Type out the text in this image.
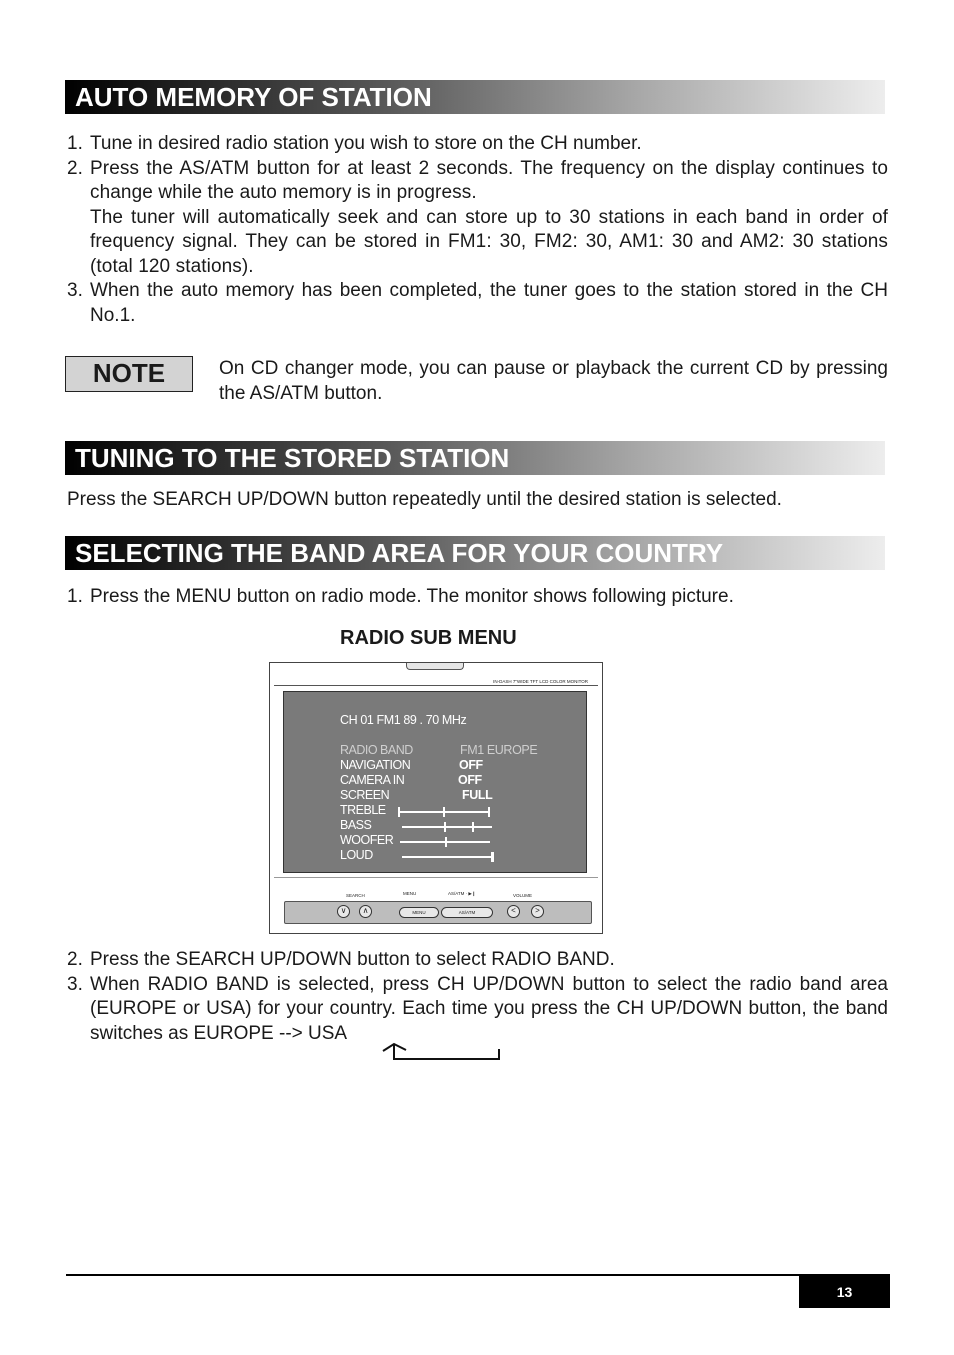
AUTO MEMORY OF STATION
1. Tune in desired radio station you wish to store on the CH number.
2. Press the AS/ATM button for at least 2 seconds. The frequency on the display continues to change while the auto memory is in progress.
The tuner will automatically seek and can store up to 30 stations in each band in order of frequency signal. They can be stored in FM1: 30, FM2: 30, AM1: 30 and AM2: 30 stations (total 120 stations).
3. When the auto memory has been completed, the tuner goes to the station stored in the CH No.1.
NOTE	On CD changer mode, you can pause or playback the current CD by pressing the AS/ATM button.
TUNING TO THE STORED STATION

Press the SEARCH UP/DOWN button repeatedly until the desired station is selected.

SELECTING THE BAND AREA FOR YOUR COUNTRY
1. Press the MENU button on radio mode. The monitor shows following picture.
RADIO SUB MENU
IN-DASH 7"WIDE TFT LCD COLOR MONITOR
CH 01 FM1 89 . 70 MHz
RADIO BAND	FM1 EUROPE
NAVIGATION	OFF
CAMERA IN	OFF
SCREEN	FULL
TREBLE
BASS
WOOFER
LOUD
SEARCH	MENU	AS/ATM · ▶❙	VOLUME
∨	∧	MENU	AS/ATM	<	>
2. Press the SEARCH UP/DOWN button to select RADIO BAND.
3. When RADIO BAND is selected, press CH UP/DOWN button to select the radio band area (EUROPE or USA) for your country. Each time you press the CH UP/DOWN button, the band switches as EUROPE --> USA
13
